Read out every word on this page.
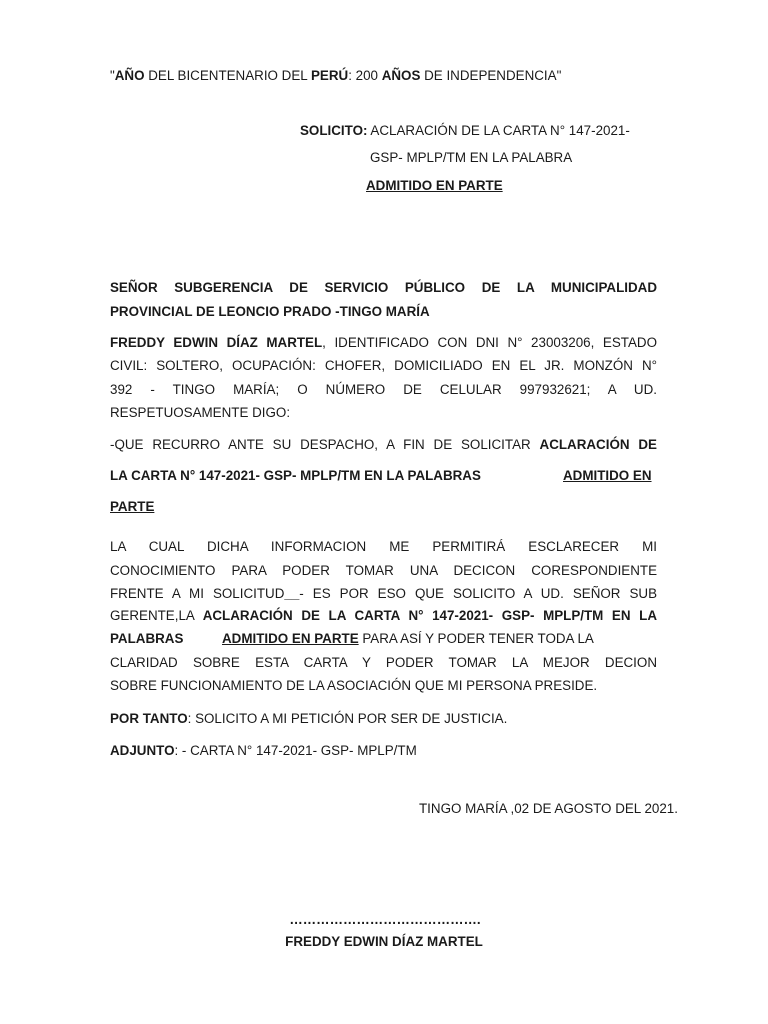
"AÑO DEL BICENTENARIO DEL PERÚ: 200 AÑOS DE INDEPENDENCIA"
SOLICITO: ACLARACIÓN DE LA CARTA N° 147-2021-
GSP- MPLP/TM EN LA PALABRA
ADMITIDO EN PARTE
SEÑOR SUBGERENCIA DE SERVICIO PÚBLICO DE LA MUNICIPALIDAD
PROVINCIAL DE LEONCIO PRADO -TINGO MARÍA
FREDDY EDWIN DÍAZ MARTEL, IDENTIFICADO CON DNI N° 23003206, ESTADO
CIVIL: SOLTERO, OCUPACIÓN: CHOFER, DOMICILIADO EN EL JR. MONZÓN N°
392 - TINGO MARÍA; O NÚMERO DE CELULAR 997932621; A UD.
RESPETUOSAMENTE DIGO:
-QUE RECURRO ANTE SU DESPACHO, A FIN DE SOLICITAR ACLARACIÓN DE
LA CARTA N° 147-2021- GSP- MPLP/TM EN LA PALABRAS	ADMITIDO EN
PARTE
LA CUAL DICHA INFORMACION ME PERMITIRÁ ESCLARECER MI
CONOCIMIENTO PARA PODER TOMAR UNA DECICON CORESPONDIENTE
FRENTE A MI SOLICITUD__- ES POR ESO QUE SOLICITO A UD. SEÑOR SUB
GERENTE,LA ACLARACIÓN DE LA CARTA N° 147-2021- GSP- MPLP/TM EN LA
PALABRAS	ADMITIDO EN PARTE PARA ASÍ Y PODER TENER TODA LA
CLARIDAD SOBRE ESTA CARTA Y PODER TOMAR LA MEJOR DECION
SOBRE FUNCIONAMIENTO DE LA ASOCIACIÓN QUE MI PERSONA PRESIDE.
POR TANTO: SOLICITO A MI PETICIÓN POR SER DE JUSTICIA.
ADJUNTO: - CARTA N° 147-2021- GSP- MPLP/TM
TINGO MARÍA ,02 DE AGOSTO DEL 2021.
…………………………………….
FREDDY EDWIN DÍAZ MARTEL
